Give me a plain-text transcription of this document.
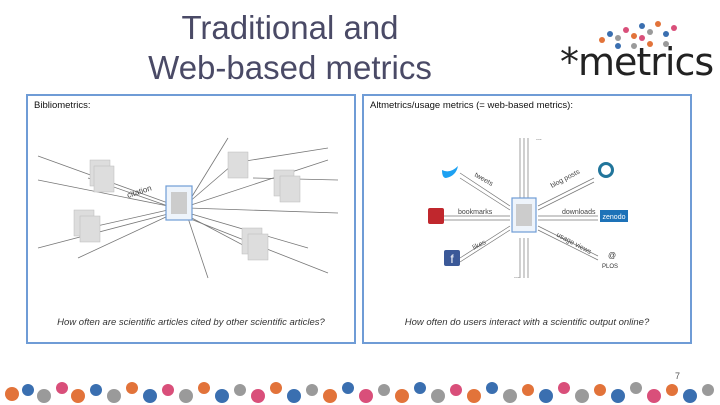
Traditional and
Web-based metrics	*metrics
Bibliometrics:
citation
How often are scientific articles cited by other scientific articles?
Altmetrics/usage metrics (= web-based metrics):
zenodo
f	@
PLOS
tweets	blog posts
bookmarks	downloads
likes	usage views
...
...
How often do users interact with a scientific output online?
7
